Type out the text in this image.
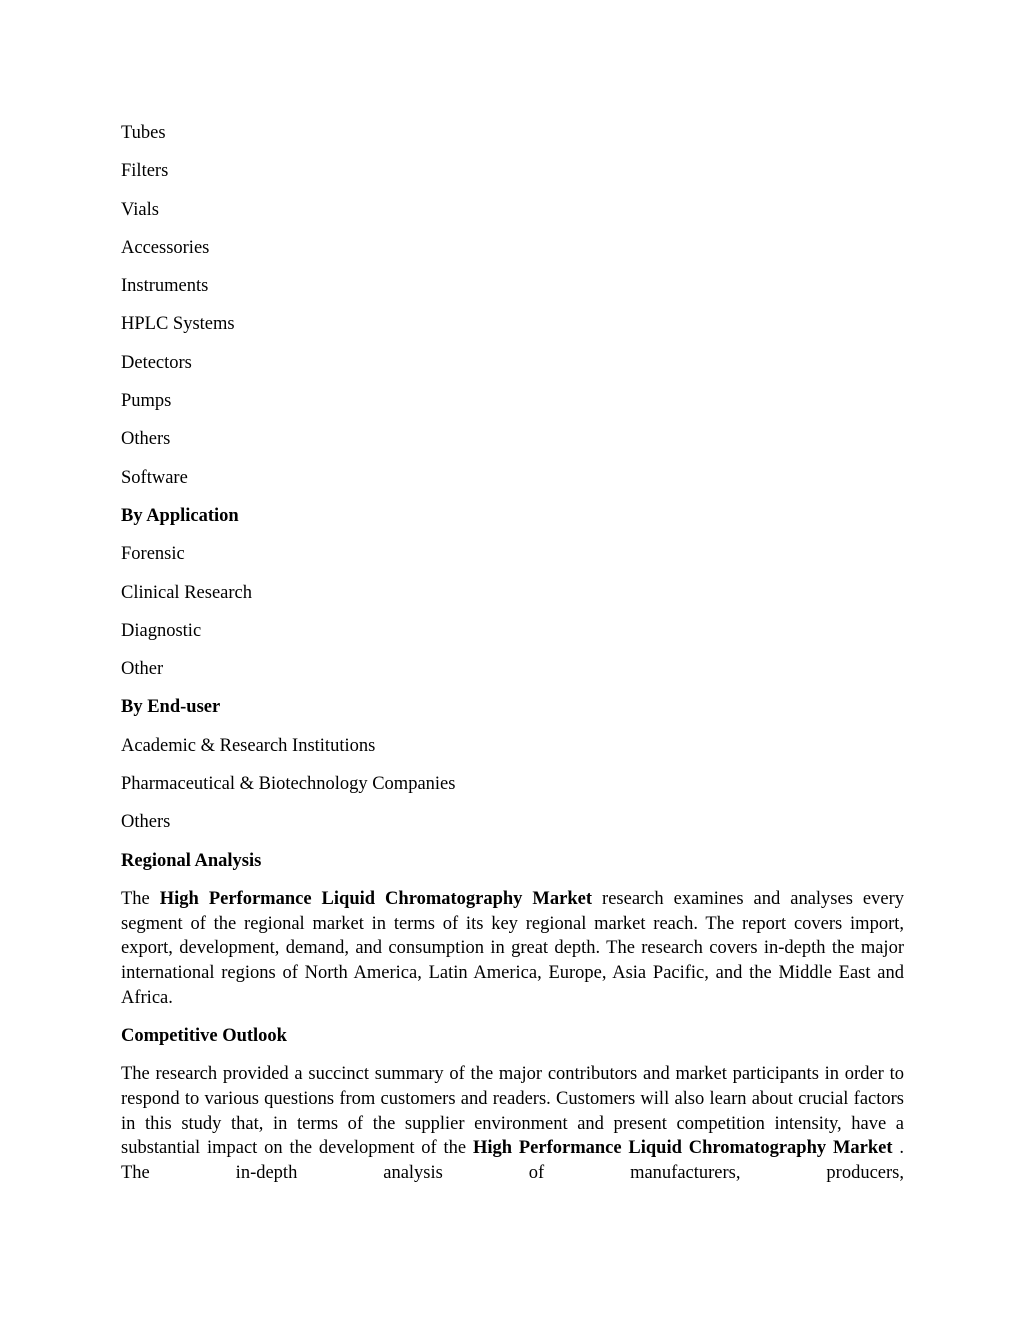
Tubes
Filters
Vials
Accessories
Instruments
HPLC Systems
Detectors
Pumps
Others
Software
By Application
Forensic
Clinical Research
Diagnostic
Other
By End-user
Academic & Research Institutions
Pharmaceutical & Biotechnology Companies
Others
Regional Analysis

The High Performance Liquid Chromatography Market research examines and analyses every segment of the regional market in terms of its key regional market reach. The report covers import, export, development, demand, and consumption in great depth. The research covers in-depth the major international regions of North America, Latin America, Europe, Asia Pacific, and the Middle East and Africa.

Competitive Outlook

The research provided a succinct summary of the major contributors and market participants in order to respond to various questions from customers and readers. Customers will also learn about crucial factors in this study that, in terms of the supplier environment and present competition intensity, have a substantial impact on the development of the High Performance Liquid Chromatography Market . The in-depth analysis of manufacturers, producers,
